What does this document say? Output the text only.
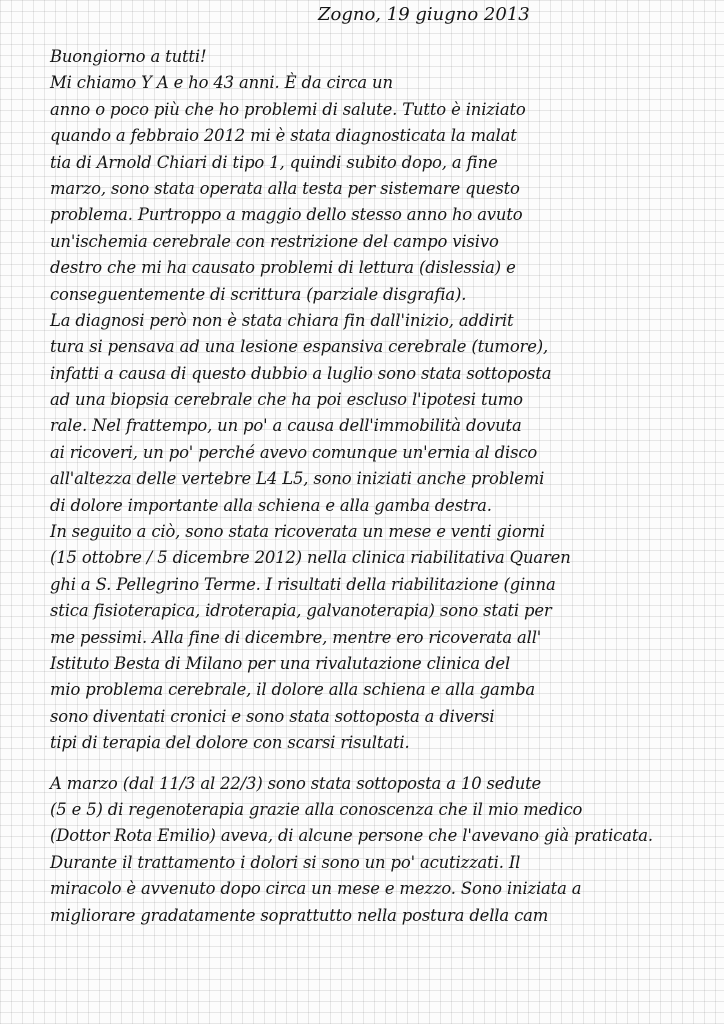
Zogno, 19 giugno 2013
Buongiorno a tutti!
Mi chiamo Y A e ho 43 anni. È da circa un
anno o poco più che ho problemi di salute. Tutto è iniziato
quando a febbraio 2012 mi è stata diagnosticata la malat
tia di Arnold Chiari di tipo 1, quindi subito dopo, a fine
marzo, sono stata operata alla testa per sistemare questo
problema. Purtroppo a maggio dello stesso anno ho avuto
un'ischemia cerebrale con restrizione del campo visivo
destro che mi ha causato problemi di lettura (dislessia) e
conseguentemente di scrittura (parziale disgrafia).
La diagnosi però non è stata chiara fin dall'inizio, addirit
tura si pensava ad una lesione espansiva cerebrale (tumore),
infatti a causa di questo dubbio a luglio sono stata sottoposta
ad una biopsia cerebrale che ha poi escluso l'ipotesi tumo
rale. Nel frattempo, un po' a causa dell'immobilità dovuta
ai ricoveri, un po' perché avevo comunque un'ernia al disco
all'altezza delle vertebre L4 L5, sono iniziati anche problemi
di dolore importante alla schiena e alla gamba destra.
In seguito a ciò, sono stata ricoverata un mese e venti giorni
(15 ottobre / 5 dicembre 2012) nella clinica riabilitativa Quaren
ghi a S. Pellegrino Terme. I risultati della riabilitazione (ginna
stica fisioterapica, idroterapia, galvanoterapia) sono stati per
me pessimi. Alla fine di dicembre, mentre ero ricoverata all'
Istituto Besta di Milano per una rivalutazione clinica del
mio problema cerebrale, il dolore alla schiena e alla gamba
sono diventati cronici e sono stata sottoposta a diversi
tipi di terapia del dolore con scarsi risultati.
A marzo (dal 11/3 al 22/3) sono stata sottoposta a 10 sedute
(5 e 5) di regenoterapia grazie alla conoscenza che il mio medico
(Dottor Rota Emilio) aveva, di alcune persone che l'avevano già praticata.
Durante il trattamento i dolori si sono un po' acutizzati. Il
miracolo è avvenuto dopo circa un mese e mezzo. Sono iniziata a
migliorare gradatamente soprattutto nella postura della cam
